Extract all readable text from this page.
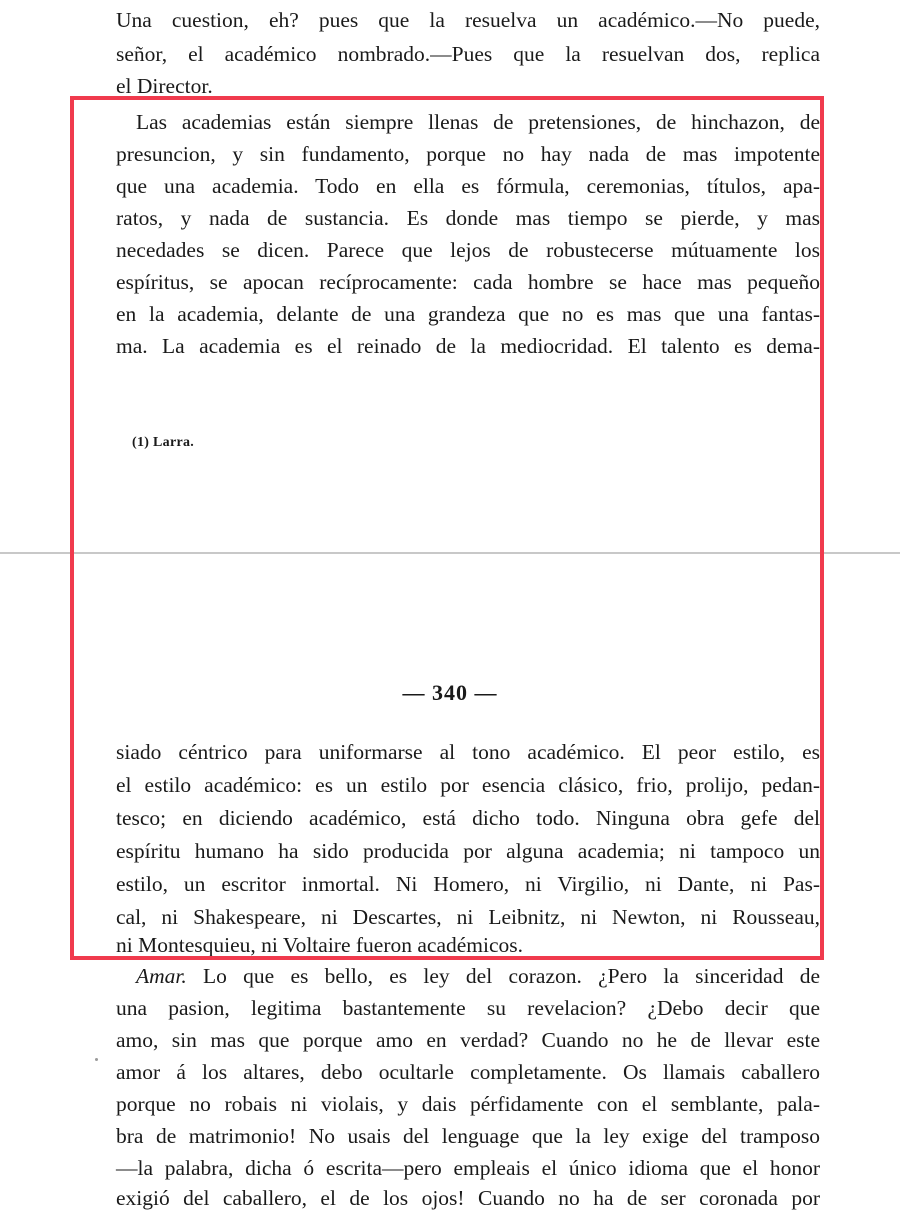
Una cuestion, eh? pues que la resuelva un académico.—No puede,
señor, el académico nombrado.—Pues que la resuelvan dos, replica
el Director.
Las academias están siempre llenas de pretensiones, de hinchazon, de
presuncion, y sin fundamento, porque no hay nada de mas impotente
que una academia. Todo en ella es fórmula, ceremonias, títulos, apa-
ratos, y nada de sustancia. Es donde mas tiempo se pierde, y mas
necedades se dicen. Parece que lejos de robustecerse mútuamente los
espíritus, se apocan recíprocamente: cada hombre se hace mas pequeño
en la academia, delante de una grandeza que no es mas que una fantas-
ma. La academia es el reinado de la mediocridad. El talento es dema-
(1) Larra.
— 340 —
siado céntrico para uniformarse al tono académico. El peor estilo, es
el estilo académico: es un estilo por esencia clásico, frio, prolijo, pedan-
tesco; en diciendo académico, está dicho todo. Ninguna obra gefe del
espíritu humano ha sido producida por alguna academia; ni tampoco un
estilo, un escritor inmortal. Ni Homero, ni Virgilio, ni Dante, ni Pas-
cal, ni Shakespeare, ni Descartes, ni Leibnitz, ni Newton, ni Rousseau,
ni Montesquieu, ni Voltaire fueron académicos.
Amar. Lo que es bello, es ley del corazon. ¿Pero la sinceridad de
una pasion, legitima bastantemente su revelacion? ¿Debo decir que
amo, sin mas que porque amo en verdad? Cuando no he de llevar este
amor á los altares, debo ocultarle completamente. Os llamais caballero
porque no robais ni violais, y dais pérfidamente con el semblante, pala-
bra de matrimonio! No usais del lenguage que la ley exige del tramposo
—la palabra, dicha ó escrita—pero empleais el único idioma que el honor
exigió del caballero, el de los ojos! Cuando no ha de ser coronada por
